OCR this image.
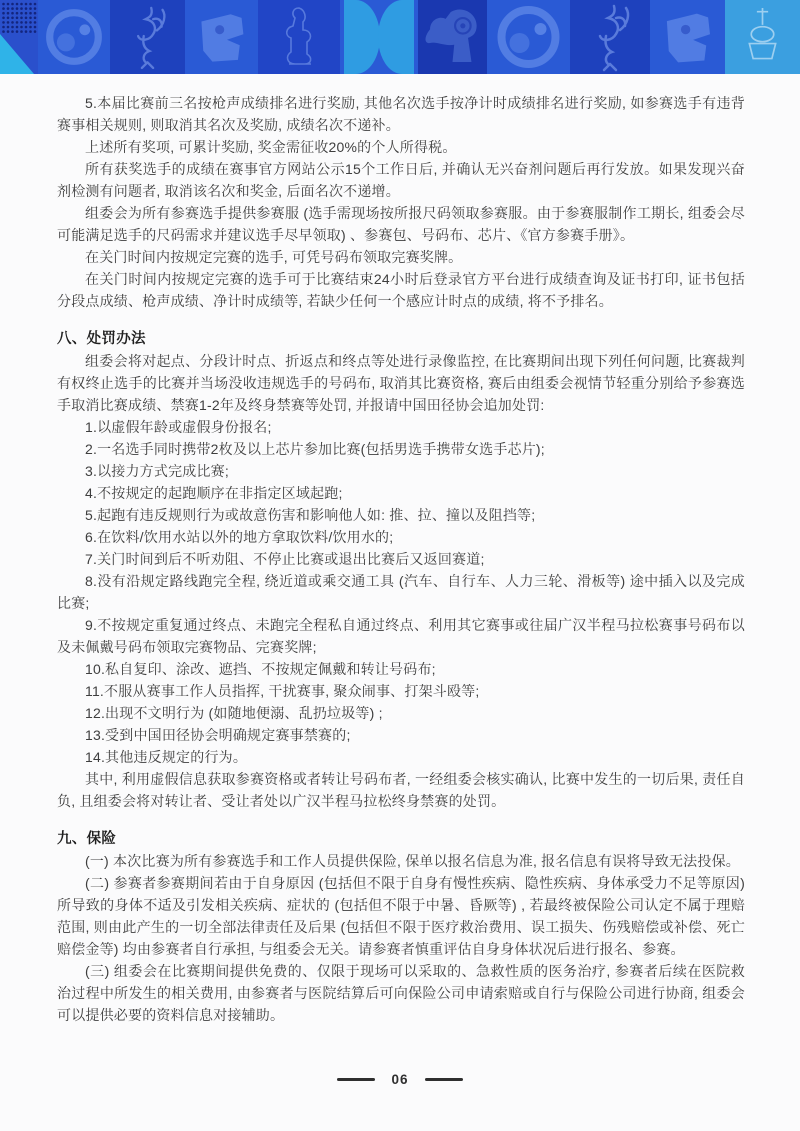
5.本届比赛前三名按枪声成绩排名进行奖励, 其他名次选手按净计时成绩排名进行奖励, 如参赛选手有违背赛事相关规则, 则取消其名次及奖励, 成绩名次不递补。

上述所有奖项, 可累计奖励, 奖金需征收20%的个人所得税。

所有获奖选手的成绩在赛事官方网站公示15个工作日后, 并确认无兴奋剂问题后再行发放。如果发现兴奋剂检测有问题者, 取消该名次和奖金, 后面名次不递增。

组委会为所有参赛选手提供参赛服 (选手需现场按所报尺码领取参赛服。由于参赛服制作工期长, 组委会尽可能满足选手的尺码需求并建议选手尽早领取) 、参赛包、号码布、芯片、《官方参赛手册》。

在关门时间内按规定完赛的选手, 可凭号码布领取完赛奖牌。

在关门时间内按规定完赛的选手可于比赛结束24小时后登录官方平台进行成绩查询及证书打印, 证书包括分段点成绩、枪声成绩、净计时成绩等, 若缺少任何一个感应计时点的成绩, 将不予排名。

八、处罚办法

组委会将对起点、分段计时点、折返点和终点等处进行录像监控, 在比赛期间出现下列任何问题, 比赛裁判有权终止选手的比赛并当场没收违规选手的号码布, 取消其比赛资格, 赛后由组委会视情节轻重分别给予参赛选手取消比赛成绩、禁赛1-2年及终身禁赛等处罚, 并报请中国田径协会追加处罚:

1.以虚假年龄或虚假身份报名;

2.一名选手同时携带2枚及以上芯片参加比赛(包括男选手携带女选手芯片);

3.以接力方式完成比赛;

4.不按规定的起跑顺序在非指定区域起跑;

5.起跑有违反规则行为或故意伤害和影响他人如: 推、拉、撞以及阻挡等;

6.在饮料/饮用水站以外的地方拿取饮料/饮用水的;

7.关门时间到后不听劝阻、不停止比赛或退出比赛后又返回赛道;

8.没有沿规定路线跑完全程, 绕近道或乘交通工具 (汽车、自行车、人力三轮、滑板等) 途中插入以及完成比赛;

9.不按规定重复通过终点、未跑完全程私自通过终点、利用其它赛事或往届广汉半程马拉松赛事号码布以及未佩戴号码布领取完赛物品、完赛奖牌;

10.私自复印、涂改、遮挡、不按规定佩戴和转让号码布;

11.不服从赛事工作人员指挥, 干扰赛事, 聚众闹事、打架斗殴等;

12.出现不文明行为 (如随地便溺、乱扔垃圾等) ;

13.受到中国田径协会明确规定赛事禁赛的;

14.其他违反规定的行为。

其中, 利用虚假信息获取参赛资格或者转让号码布者, 一经组委会核实确认, 比赛中发生的一切后果, 责任自负, 且组委会将对转让者、受让者处以广汉半程马拉松终身禁赛的处罚。

九、保险

(一) 本次比赛为所有参赛选手和工作人员提供保险, 保单以报名信息为准, 报名信息有误将导致无法投保。

(二) 参赛者参赛期间若由于自身原因 (包括但不限于自身有慢性疾病、隐性疾病、身体承受力不足等原因) 所导致的身体不适及引发相关疾病、症状的 (包括但不限于中暑、昏厥等) , 若最终被保险公司认定不属于理赔范围, 则由此产生的一切全部法律责任及后果 (包括但不限于医疗救治费用、误工损失、伤残赔偿或补偿、死亡赔偿金等) 均由参赛者自行承担, 与组委会无关。请参赛者慎重评估自身身体状况后进行报名、参赛。

(三) 组委会在比赛期间提供免费的、仅限于现场可以采取的、急救性质的医务治疗, 参赛者后续在医院救治过程中所发生的相关费用, 由参赛者与医院结算后可向保险公司申请索赔或自行与保险公司进行协商, 组委会可以提供必要的资料信息对接辅助。

06
